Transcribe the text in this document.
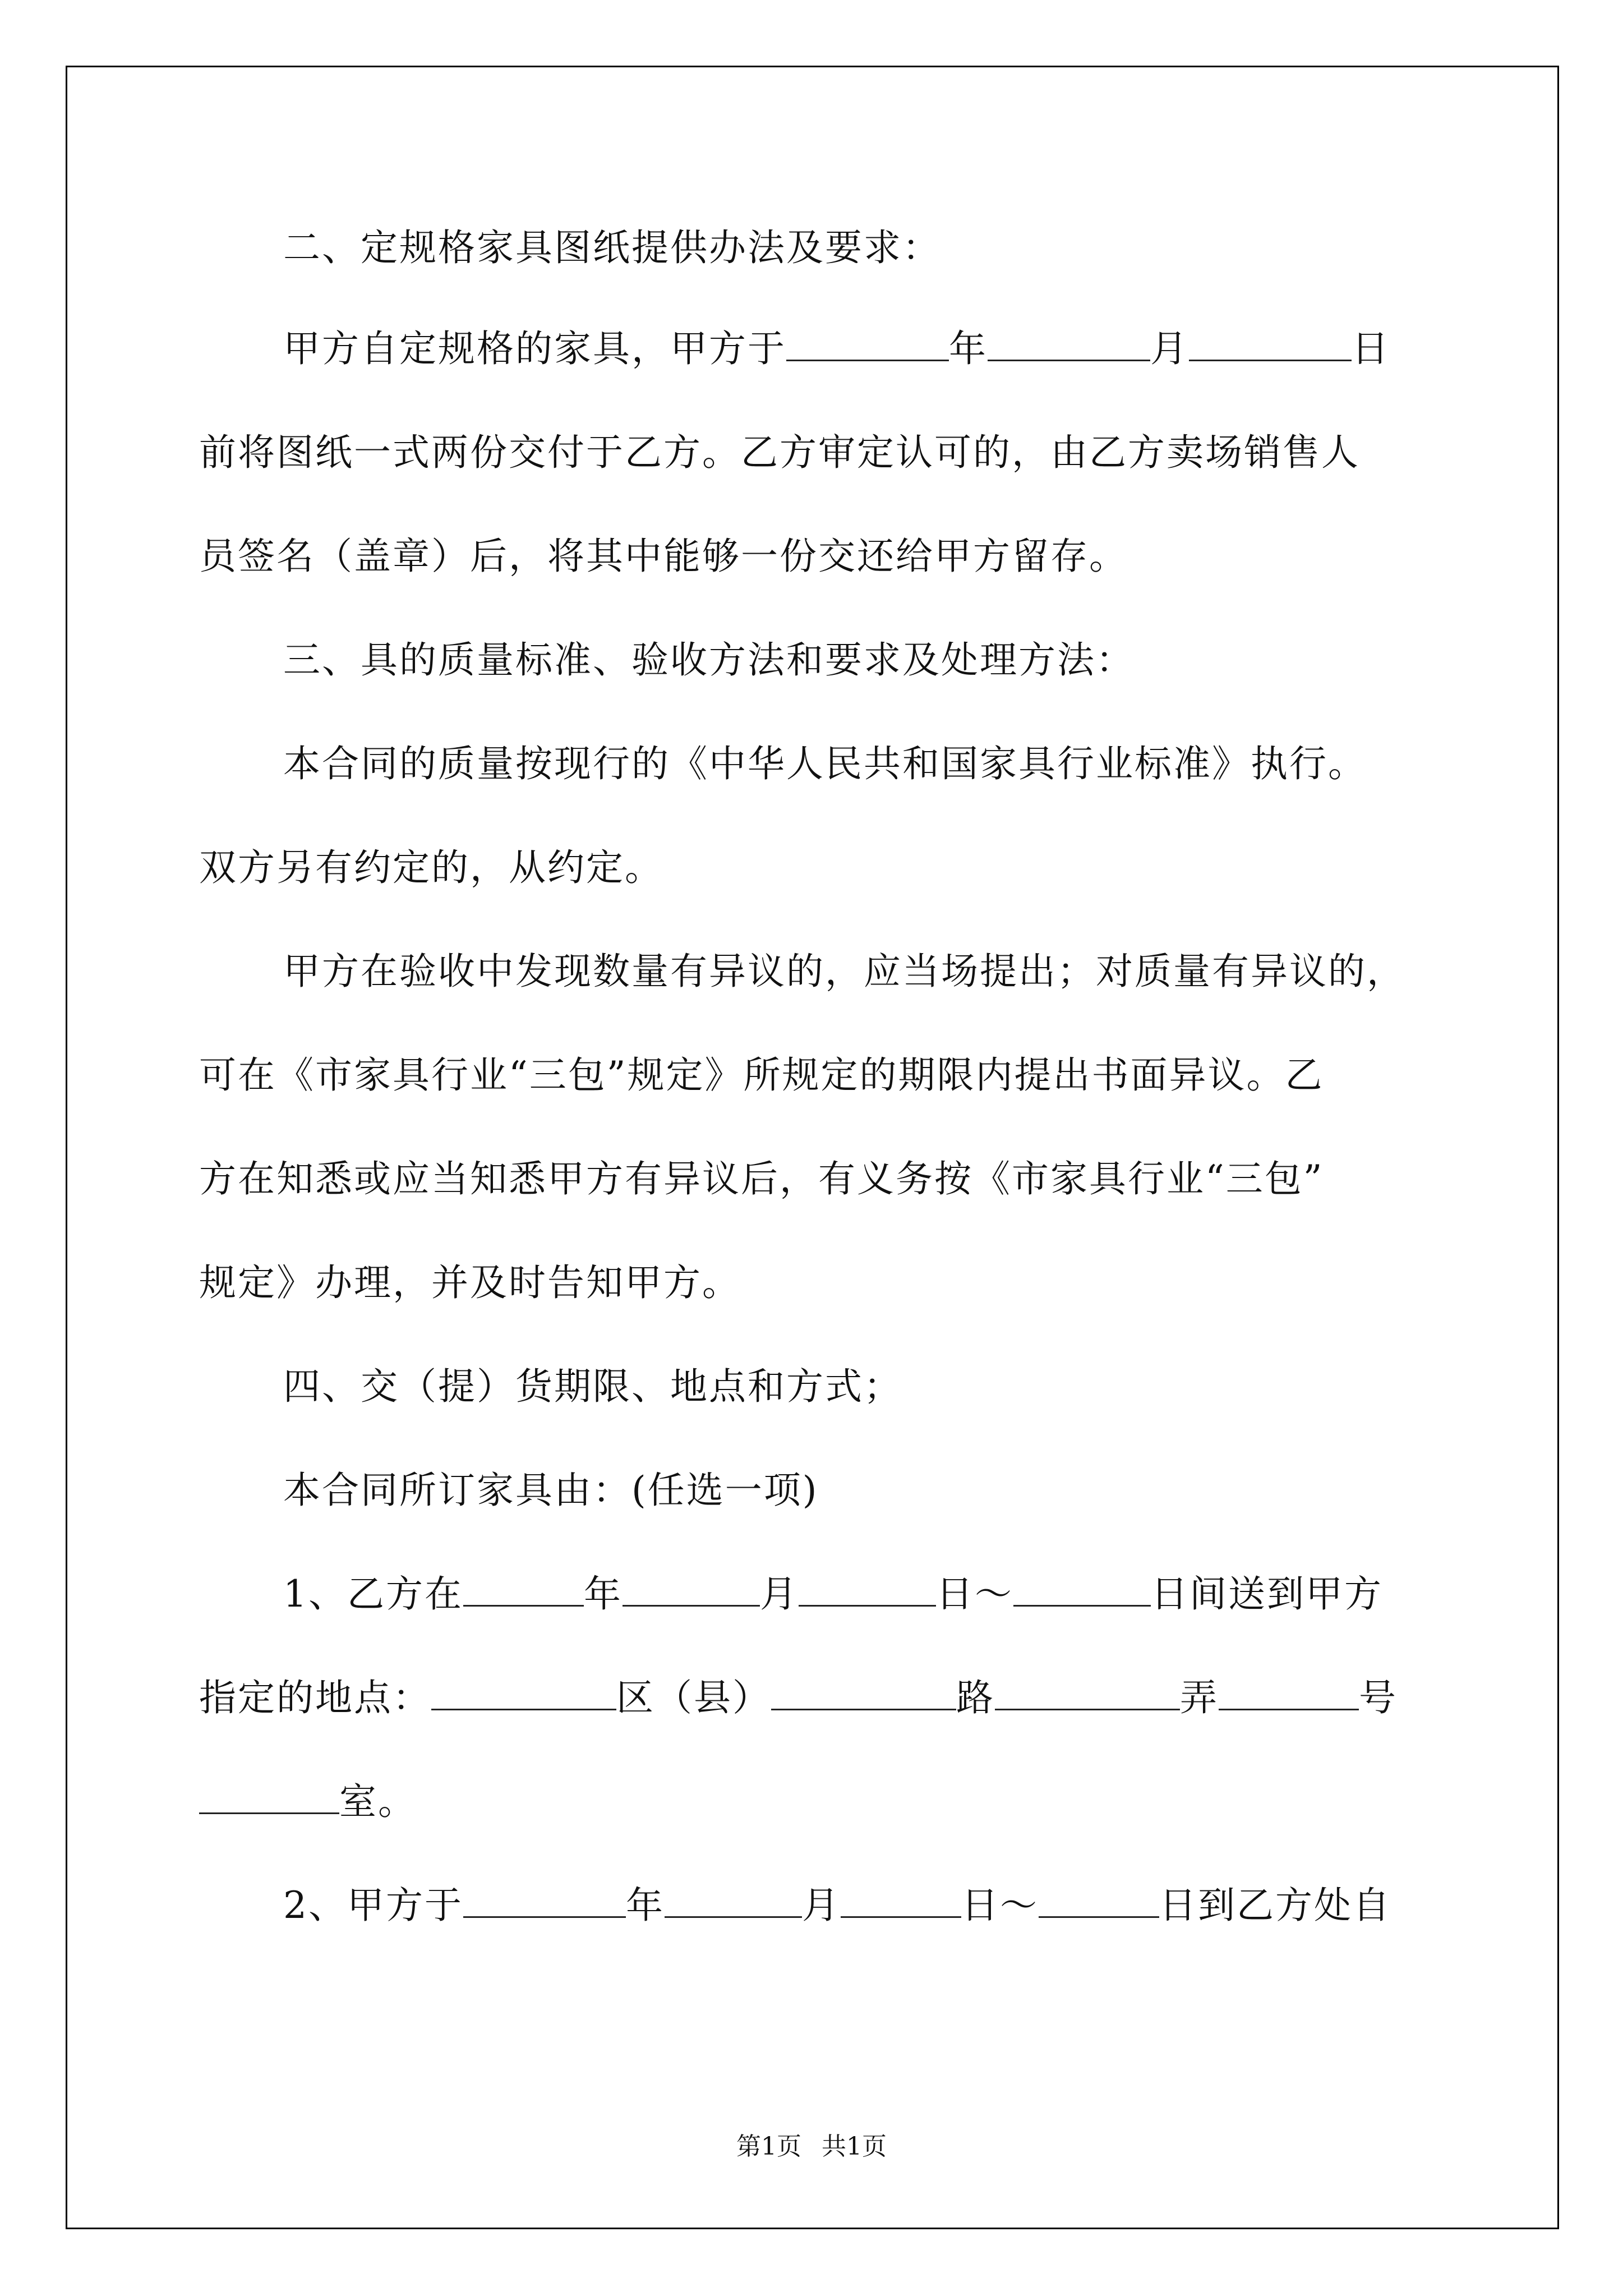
二、定规格家具图纸提供办法及要求：

甲方自定规格的家具，甲方于	年	月	日

前将图纸一式两份交付于乙方。乙方审定认可的，由乙方卖场销售人

员签名（盖章）后，将其中能够一份交还给甲方留存。

三、具的质量标准、验收方法和要求及处理方法：

本合同的质量按现行的《中华人民共和国家具行业标准》执行。

双方另有约定的，从约定。

甲方在验收中发现数量有异议的，应当场提出；对质量有异议的，

可在《市家具行业“三包”规定》所规定的期限内提出书面异议。乙

方在知悉或应当知悉甲方有异议后，有义务按《市家具行业“三包”

规定》办理，并及时告知甲方。

四、交（提）货期限、地点和方式；

本合同所订家具由：(任选一项)

1、乙方在	年	月	日～	日间送到甲方

指定的地点：	区（县）	路	弄	号

室。

2、甲方于	年	月	日～	日到乙方处自

第1页 共1页
